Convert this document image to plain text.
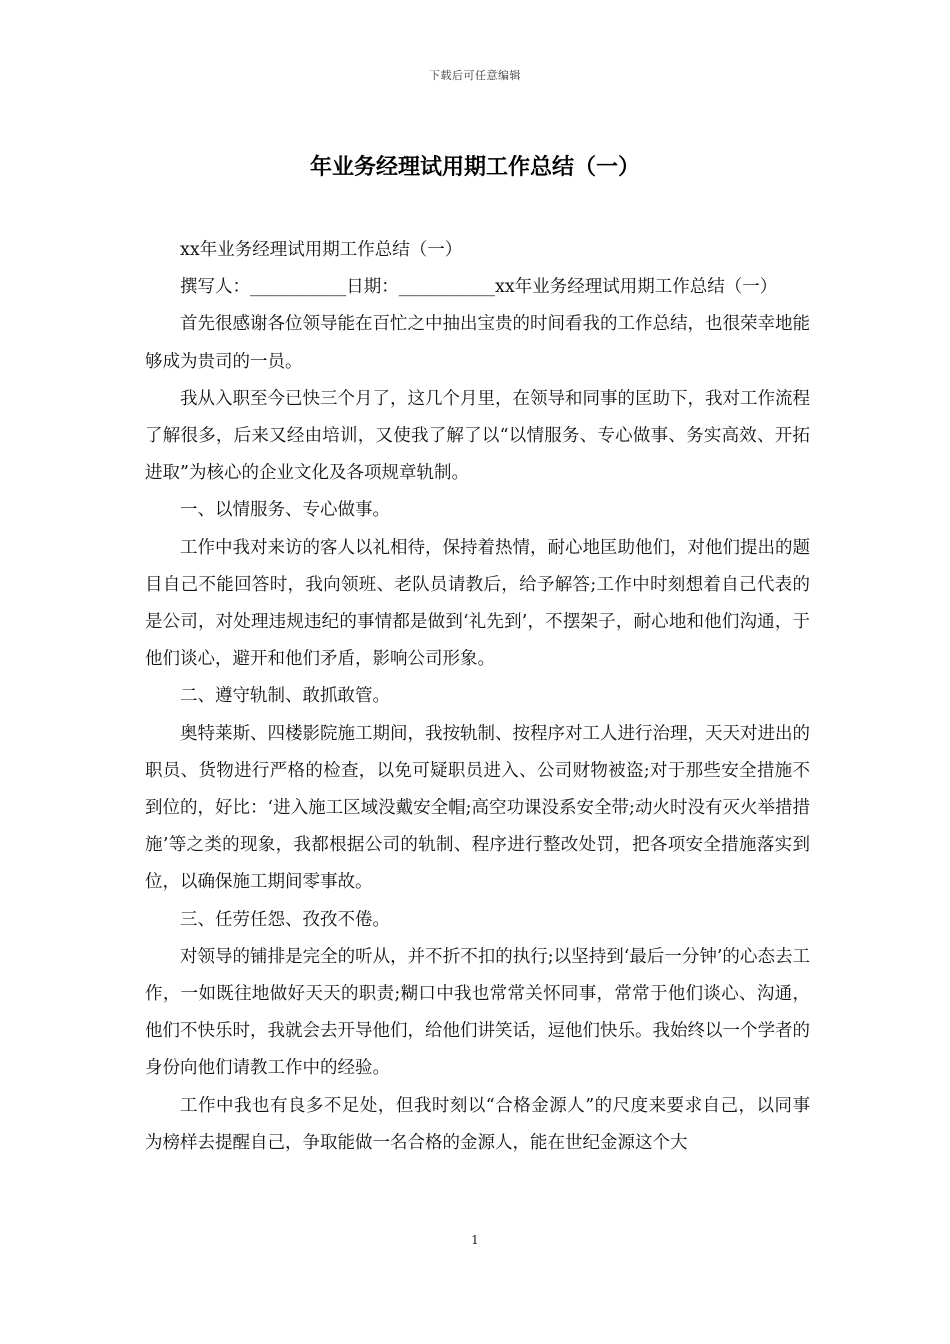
下载后可任意编辑
年业务经理试用期工作总结（一）

xx年业务经理试用期工作总结（一）

撰写人：___________日期：___________xx年业务经理试用期工作总结（一）

首先很感谢各位领导能在百忙之中抽出宝贵的时间看我的工作总结，也很荣幸地能够成为贵司的一员。

我从入职至今已快三个月了，这几个月里，在领导和同事的匡助下，我对工作流程了解很多，后来又经由培训，又使我了解了以“以情服务、专心做事、务实高效、开拓进取”为核心的企业文化及各项规章轨制。

一、以情服务、专心做事。

工作中我对来访的客人以礼相待，保持着热情，耐心地匡助他们，对他们提出的题目自己不能回答时，我向领班、老队员请教后，给予解答;工作中时刻想着自己代表的是公司，对处理违规违纪的事情都是做到‘礼先到’，不摆架子，耐心地和他们沟通，于他们谈心，避开和他们矛盾，影响公司形象。

二、遵守轨制、敢抓敢管。

奥特莱斯、四楼影院施工期间，我按轨制、按程序对工人进行治理，天天对进出的职员、货物进行严格的检查，以免可疑职员进入、公司财物被盗;对于那些安全措施不到位的，好比：‘进入施工区域没戴安全帽;高空功课没系安全带;动火时没有灭火举措措施’等之类的现象，我都根据公司的轨制、程序进行整改处罚，把各项安全措施落实到位，以确保施工期间零事故。

三、任劳任怨、孜孜不倦。

对领导的铺排是完全的听从，并不折不扣的执行;以坚持到‘最后一分钟’的心态去工作，一如既往地做好天天的职责;糊口中我也常常关怀同事，常常于他们谈心、沟通，他们不快乐时，我就会去开导他们，给他们讲笑话，逗他们快乐。我始终以一个学者的身份向他们请教工作中的经验。

工作中我也有良多不足处，但我时刻以“合格金源人”的尺度来要求自己，以同事为榜样去提醒自己，争取能做一名合格的金源人，能在世纪金源这个大

1
